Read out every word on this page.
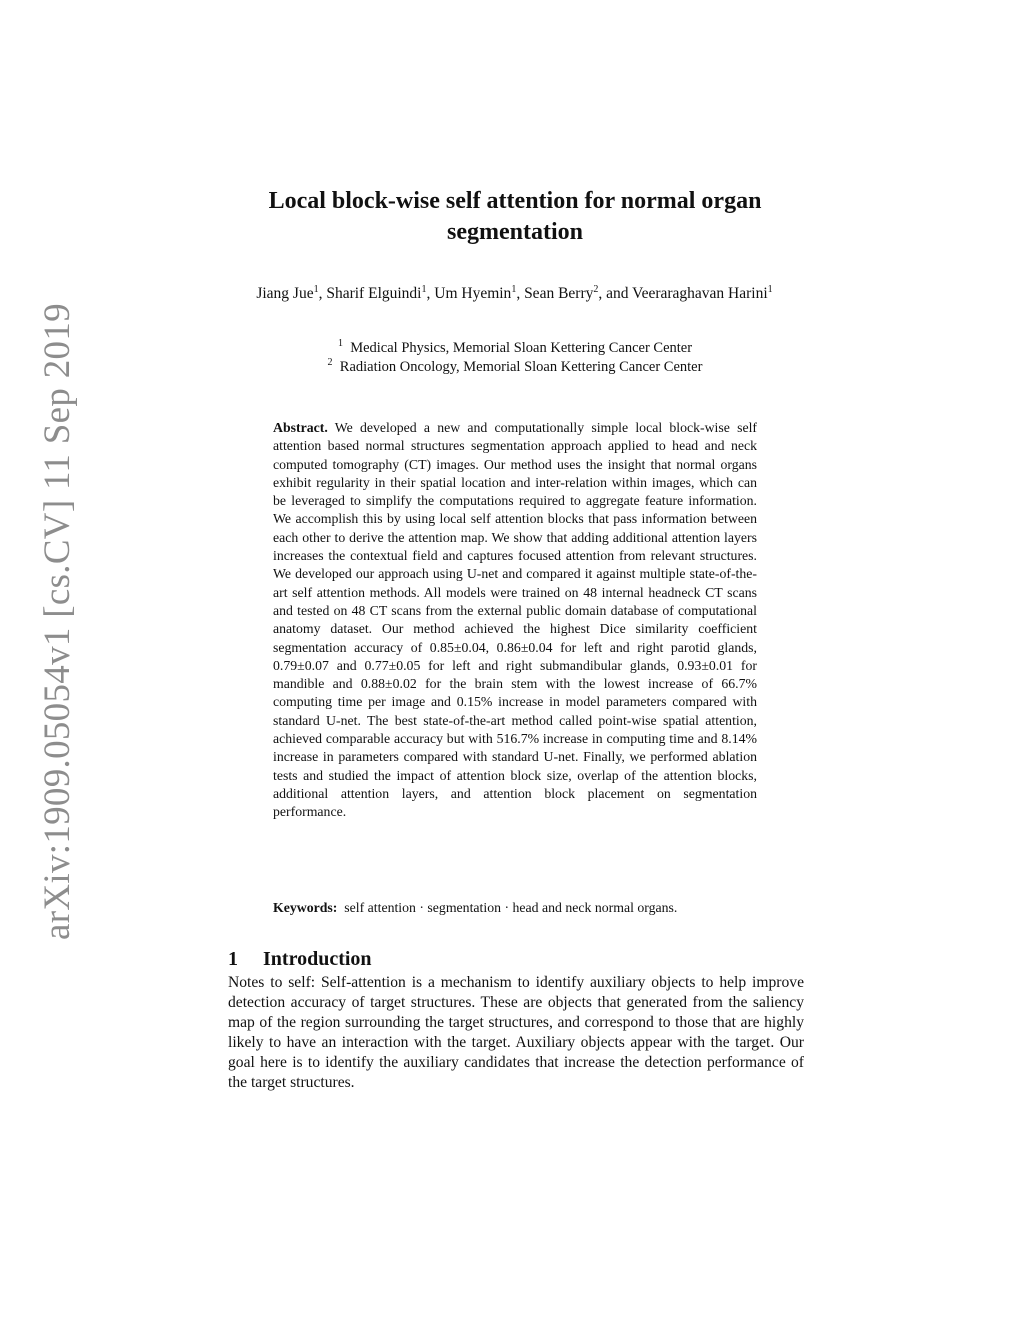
arXiv:1909.05054v1 [cs.CV] 11 Sep 2019
Local block-wise self attention for normal organ segmentation
Jiang Jue$^1$, Sharif Elguindi$^1$, Um Hyemin$^1$, Sean Berry$^2$, and Veeraraghavan Harini$^1$
$^1$ Medical Physics, Memorial Sloan Kettering Cancer Center
$^2$ Radiation Oncology, Memorial Sloan Kettering Cancer Center
Abstract. We developed a new and computationally simple local block-wise self attention based normal structures segmentation approach applied to head and neck computed tomography (CT) images. Our method uses the insight that normal organs exhibit regularity in their spatial location and inter-relation within images, which can be leveraged to simplify the computations required to aggregate feature information. We accomplish this by using local self attention blocks that pass information between each other to derive the attention map. We show that adding additional attention layers increases the contextual field and captures focused attention from relevant structures. We developed our approach using U-net and compared it against multiple state-of-the-art self attention methods. All models were trained on 48 internal headneck CT scans and tested on 48 CT scans from the external public domain database of computational anatomy dataset. Our method achieved the highest Dice similarity coefficient segmentation accuracy of 0.85±0.04, 0.86±0.04 for left and right parotid glands, 0.79±0.07 and 0.77±0.05 for left and right submandibular glands, 0.93±0.01 for mandible and 0.88±0.02 for the brain stem with the lowest increase of 66.7% computing time per image and 0.15% increase in model parameters compared with standard U-net. The best state-of-the-art method called point-wise spatial attention, achieved comparable accuracy but with 516.7% increase in computing time and 8.14% increase in parameters compared with standard U-net. Finally, we performed ablation tests and studied the impact of attention block size, overlap of the attention blocks, additional attention layers, and attention block placement on segmentation performance.
Keywords: self attention · segmentation · head and neck normal organs.
1 Introduction
Notes to self: Self-attention is a mechanism to identify auxiliary objects to help improve detection accuracy of target structures. These are objects that generated from the saliency map of the region surrounding the target structures, and correspond to those that are highly likely to have an interaction with the target. Auxiliary objects appear with the target. Our goal here is to identify the auxiliary candidates that increase the detection performance of the target structures.
